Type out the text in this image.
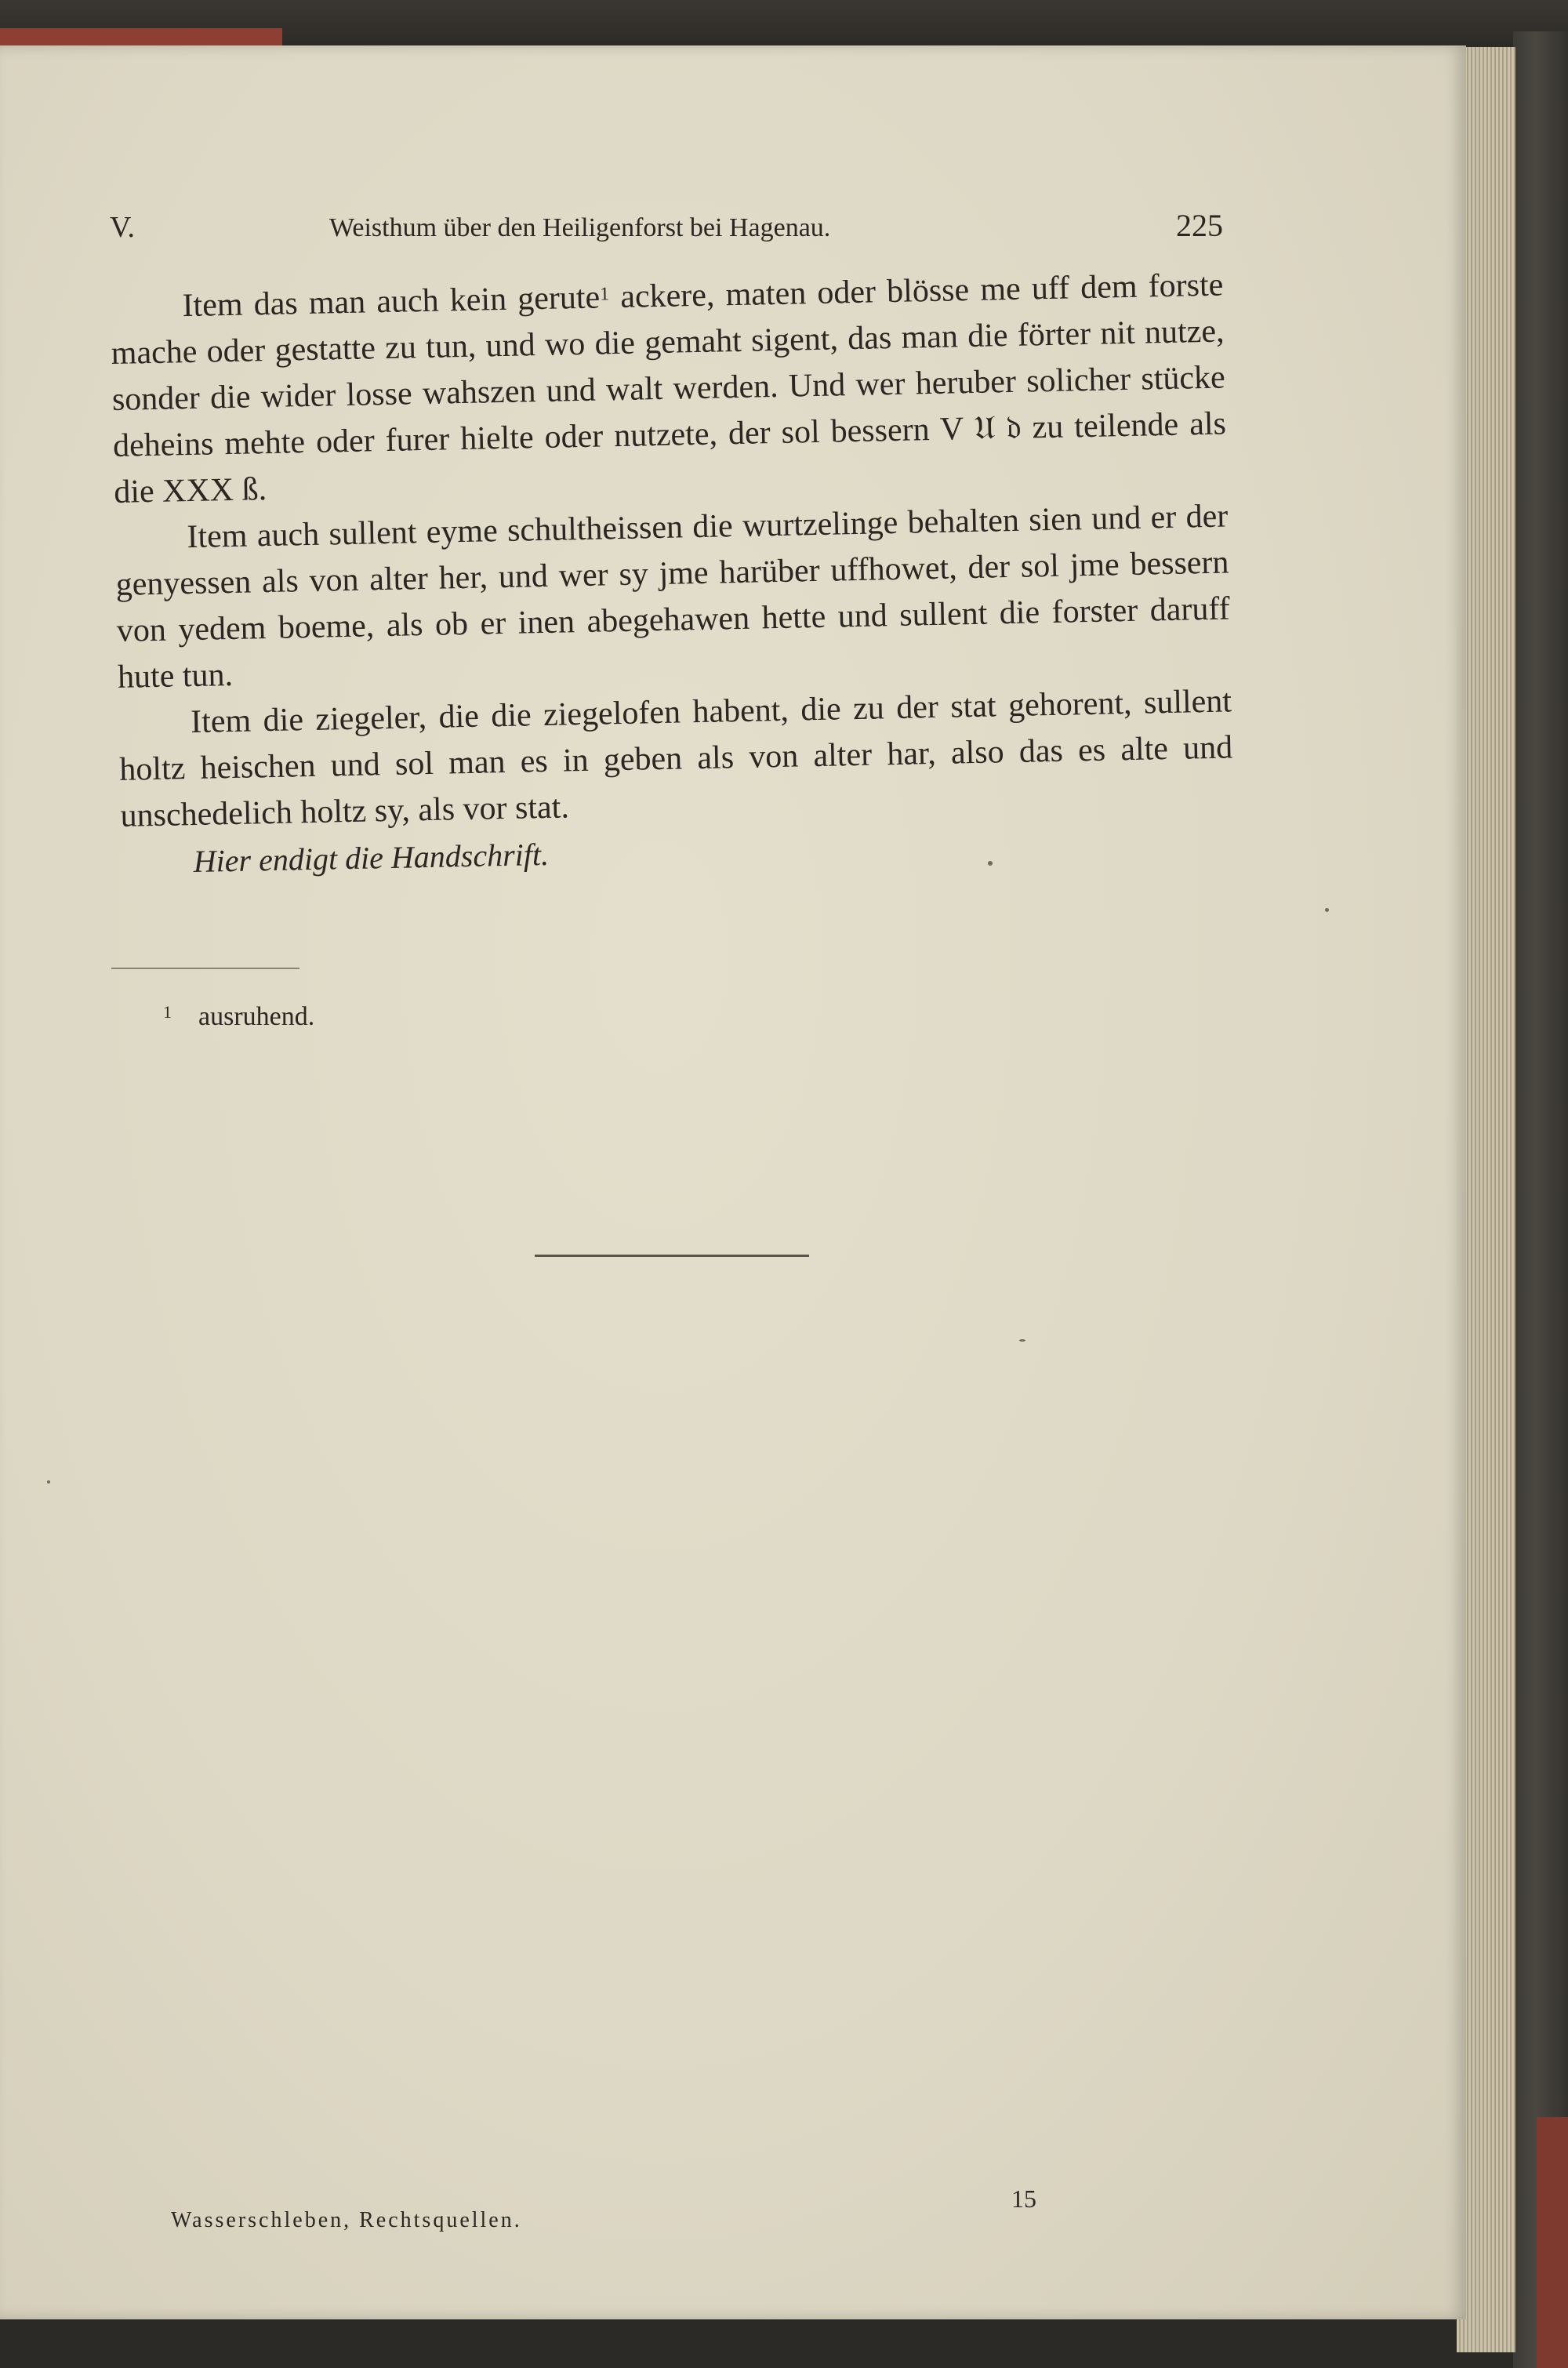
V.	Weisthum über den Heiligenforst bei Hagenau.	225

Item das man auch kein gerute$^1$ ackere, maten oder blösse me uff dem forste mache oder gestatte zu tun, und wo die gemaht sigent, das man die förter nit nutze, sonder die wider losse wahszen und walt werden. Und wer heruber solicher stücke deheins mehte oder furer hielte oder nutzete, der sol bessern V 𝔘 𝔡 zu teilende als die XXX ß.

Item auch sullent eyme schultheissen die wurtzelinge behalten sien und er der genyessen als von alter her, und wer sy jme harüber uffhowet, der sol jme bessern von yedem boeme, als ob er inen abegehawen hette und sullent die forster daruff hute tun.

Item die ziegeler, die die ziegelofen habent, die zu der stat gehorent, sullent holtz heischen und sol man es in geben als von alter har, also das es alte und unschedelich holtz sy, als vor stat.

Hier endigt die Handschrift.

$^1$ ausruhend.
Wasserschleben, Rechtsquellen.
15
